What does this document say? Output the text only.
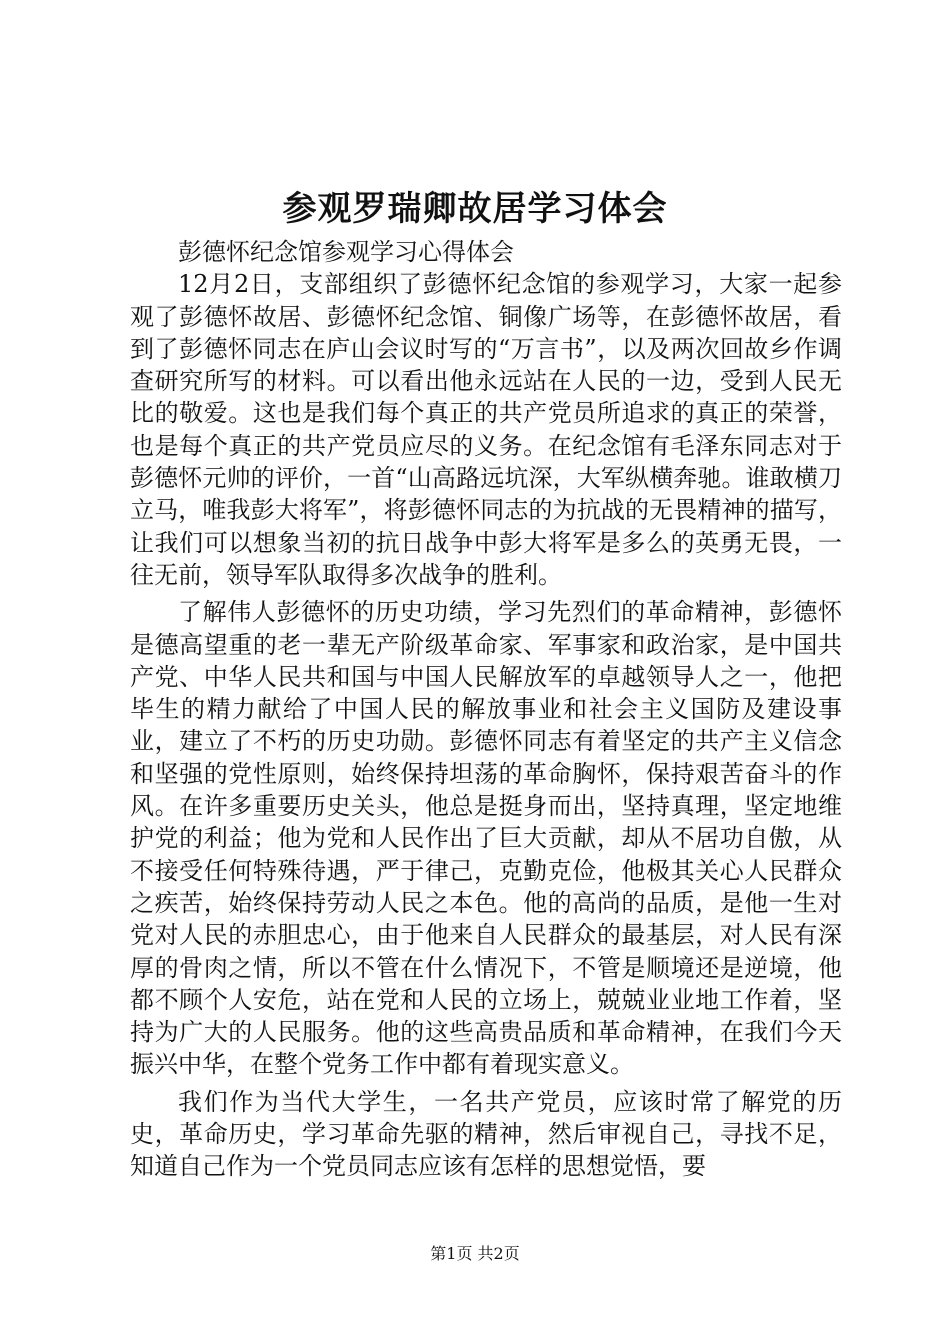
参观罗瑞卿故居学习体会

彭德怀纪念馆参观学习心得体会

12月2日，支部组织了彭德怀纪念馆的参观学习，大家一起参观了彭德怀故居、彭德怀纪念馆、铜像广场等，在彭德怀故居，看到了彭德怀同志在庐山会议时写的“万言书”，以及两次回故乡作调查研究所写的材料。可以看出他永远站在人民的一边，受到人民无比的敬爱。这也是我们每个真正的共产党员所追求的真正的荣誉，也是每个真正的共产党员应尽的义务。在纪念馆有毛泽东同志对于彭德怀元帅的评价，一首“山高路远坑深，大军纵横奔驰。谁敢横刀立马，唯我彭大将军”，将彭德怀同志的为抗战的无畏精神的描写，让我们可以想象当初的抗日战争中彭大将军是多么的英勇无畏，一往无前，领导军队取得多次战争的胜利。

了解伟人彭德怀的历史功绩，学习先烈们的革命精神，彭德怀是德高望重的老一辈无产阶级革命家、军事家和政治家，是中国共产党、中华人民共和国与中国人民解放军的卓越领导人之一，他把毕生的精力献给了中国人民的解放事业和社会主义国防及建设事业，建立了不朽的历史功勋。彭德怀同志有着坚定的共产主义信念和坚强的党性原则，始终保持坦荡的革命胸怀，保持艰苦奋斗的作风。在许多重要历史关头，他总是挺身而出，坚持真理，坚定地维护党的利益；他为党和人民作出了巨大贡献，却从不居功自傲，从不接受任何特殊待遇，严于律己，克勤克俭，他极其关心人民群众之疾苦，始终保持劳动人民之本色。他的高尚的品质，是他一生对党对人民的赤胆忠心，由于他来自人民群众的最基层，对人民有深厚的骨肉之情，所以不管在什么情况下，不管是顺境还是逆境，他都不顾个人安危，站在党和人民的立场上，兢兢业业地工作着，坚持为广大的人民服务。他的这些高贵品质和革命精神，在我们今天振兴中华，在整个党务工作中都有着现实意义。

我们作为当代大学生，一名共产党员，应该时常了解党的历史，革命历史，学习革命先驱的精神，然后审视自己，寻找不足，知道自己作为一个党员同志应该有怎样的思想觉悟，要

第1页 共2页
